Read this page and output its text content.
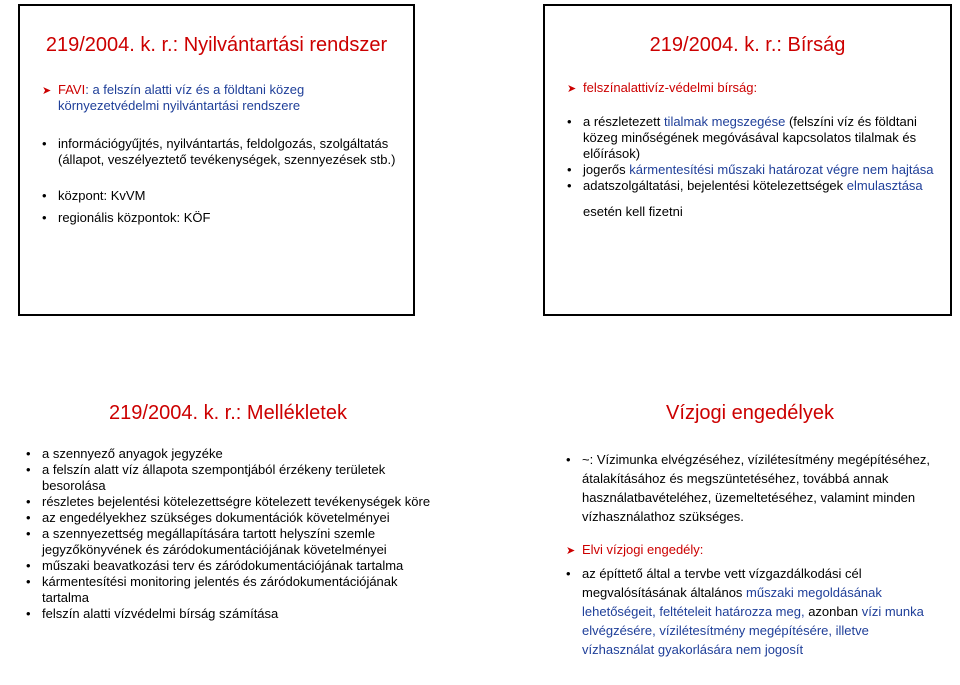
219/2004. k. r.: Nyilvántartási rendszer
➤ FAVI: a felszín alatti víz és a földtani közeg környezetvédelmi nyilvántartási rendszere
• információgyűjtés, nyilvántartás, feldolgozás, szolgáltatás (állapot, veszélyeztető tevékenységek, szennyezések stb.)
• központ: KvVM
• regionális központok: KÖF
219/2004. k. r.: Bírság
➤ felszínalattivíz-védelmi bírság:
• a részletezett tilalmak megszegése (felszíni víz és földtani közeg minőségének megóvásával kapcsolatos tilalmak és előírások)
• jogerős kármentesítési műszaki határozat végre nem hajtása
• adatszolgáltatási, bejelentési kötelezettségek elmulasztása
esetén kell fizetni
219/2004. k. r.: Mellékletek
• a szennyező anyagok jegyzéke
• a felszín alatt víz állapota szempontjából érzékeny területek besorolása
• részletes bejelentési kötelezettségre kötelezett tevékenységek köre
• az engedélyekhez szükséges dokumentációk követelményei
• a szennyezettség megállapítására tartott helyszíni szemle jegyzőkönyvének és záródokumentációjának követelményei
• műszaki beavatkozási terv és záródokumentációjának tartalma
• kármentesítési monitoring jelentés és záródokumentációjának tartalma
• felszín alatti vízvédelmi bírság számítása
Vízjogi engedélyek
• ~: Vízimunka elvégzéséhez, vízilétesítmény megépítéséhez, átalakításához és megszüntetéséhez, továbbá annak használatbavételéhez, üzemeltetéséhez, valamint minden vízhasználathoz szükséges.
➤ Elvi vízjogi engedély:
• az építtető által a tervbe vett vízgazdálkodási cél megvalósításának általános műszaki megoldásának lehetőségeit, feltételeit határozza meg, azonban vízi munka elvégzésére, vízilétesítmény megépítésére, illetve vízhasználat gyakorlására nem jogosít
